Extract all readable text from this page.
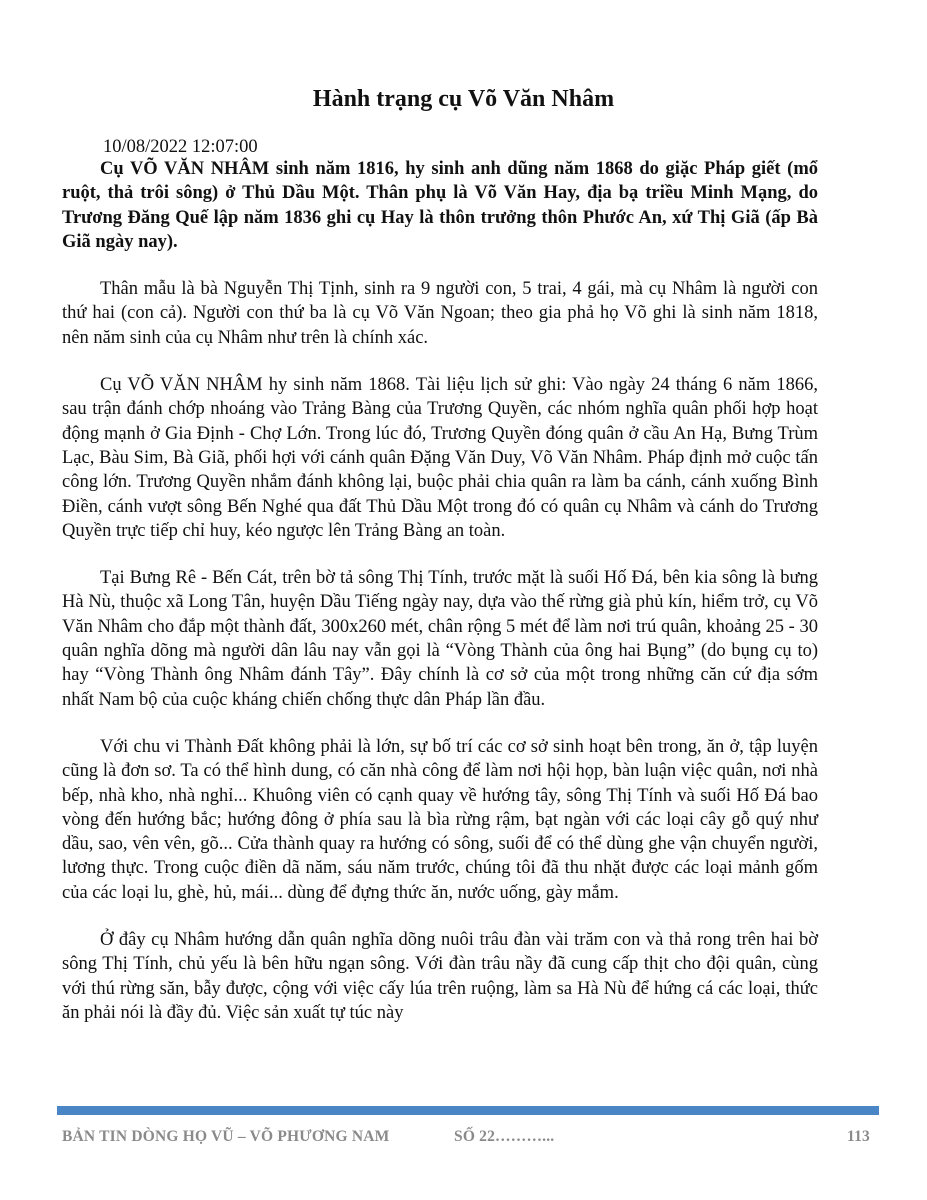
Hành trạng cụ Võ Văn Nhâm
10/08/2022 12:07:00

Cụ VÕ VĂN NHÂM sinh năm 1816, hy sinh anh dũng năm 1868 do giặc Pháp giết (mổ ruột, thả trôi sông) ở Thủ Dầu Một. Thân phụ là Võ Văn Hay, địa bạ triều Minh Mạng, do Trương Đăng Quế lập năm 1836 ghi cụ Hay là thôn trưởng thôn Phước An, xứ Thị Giã (ấp Bà Giã ngày nay).

Thân mẫu là bà Nguyễn Thị Tịnh, sinh ra 9 người con, 5 trai, 4 gái, mà cụ Nhâm là người con thứ hai (con cả). Người con thứ ba là cụ Võ Văn Ngoan; theo gia phả họ Võ ghi là sinh năm 1818, nên năm sinh của cụ Nhâm như trên là chính xác.

Cụ VÕ VĂN NHÂM hy sinh năm 1868. Tài liệu lịch sử ghi: Vào ngày 24 tháng 6 năm 1866, sau trận đánh chớp nhoáng vào Trảng Bàng của Trương Quyền, các nhóm nghĩa quân phối hợp hoạt động mạnh ở Gia Định - Chợ Lớn. Trong lúc đó, Trương Quyền đóng quân ở cầu An Hạ, Bưng Trùm Lạc, Bàu Sim, Bà Giã, phối hợi với cánh quân Đặng Văn Duy, Võ Văn Nhâm. Pháp định mở cuộc tấn công lớn. Trương Quyền nhắm đánh không lại, buộc phải chia quân ra làm ba cánh, cánh xuống Bình Điền, cánh vượt sông Bến Nghé qua đất Thủ Dầu Một trong đó có quân cụ Nhâm và cánh do Trương Quyền trực tiếp chỉ huy, kéo ngược lên Trảng Bàng an toàn.

Tại Bưng Rê - Bến Cát, trên bờ tả sông Thị Tính, trước mặt là suối Hố Đá, bên kia sông là bưng Hà Nù, thuộc xã Long Tân, huyện Dầu Tiếng ngày nay, dựa vào thế rừng già phủ kín, hiểm trở, cụ Võ Văn Nhâm cho đắp một thành đất, 300x260 mét, chân rộng 5 mét để làm nơi trú quân, khoảng 25 - 30 quân nghĩa dõng mà người dân lâu nay vẫn gọi là “Vòng Thành của ông hai Bụng” (do bụng cụ to) hay “Vòng Thành ông Nhâm đánh Tây”. Đây chính là cơ sở của một trong những căn cứ địa sớm nhất Nam bộ của cuộc kháng chiến chống thực dân Pháp lần đầu.

Với chu vi Thành Đất không phải là lớn, sự bố trí các cơ sở sinh hoạt bên trong, ăn ở, tập luyện cũng là đơn sơ. Ta có thể hình dung, có căn nhà công để làm nơi hội họp, bàn luận việc quân, nơi nhà bếp, nhà kho, nhà nghỉ... Khuông viên có cạnh quay về hướng tây, sông Thị Tính và suối Hố Đá bao vòng đến hướng bắc; hướng đông ở phía sau là bìa rừng rậm, bạt ngàn với các loại cây gỗ quý như dầu, sao, vên vên, gõ... Cửa thành quay ra hướng có sông, suối để có thể dùng ghe vận chuyển người, lương thực. Trong cuộc điền dã năm, sáu năm trước, chúng tôi đã thu nhặt được các loại mảnh gốm của các loại lu, ghè, hủ, mái... dùng để đựng thức ăn, nước uống, gày mắm.

Ở đây cụ Nhâm hướng dẫn quân nghĩa dõng nuôi trâu đàn vài trăm con và thả rong trên hai bờ sông Thị Tính, chủ yếu là bên hữu ngạn sông. Với đàn trâu nầy đã cung cấp thịt cho đội quân, cùng với thú rừng săn, bẫy được, cộng với việc cấy lúa trên ruộng, làm sa Hà Nù để hứng cá các loại, thức ăn phải nói là đầy đủ. Việc sản xuất tự túc này

BẢN TIN DÒNG HỌ VŨ – VÕ PHƯƠNG NAM	SỐ 22………...	113
